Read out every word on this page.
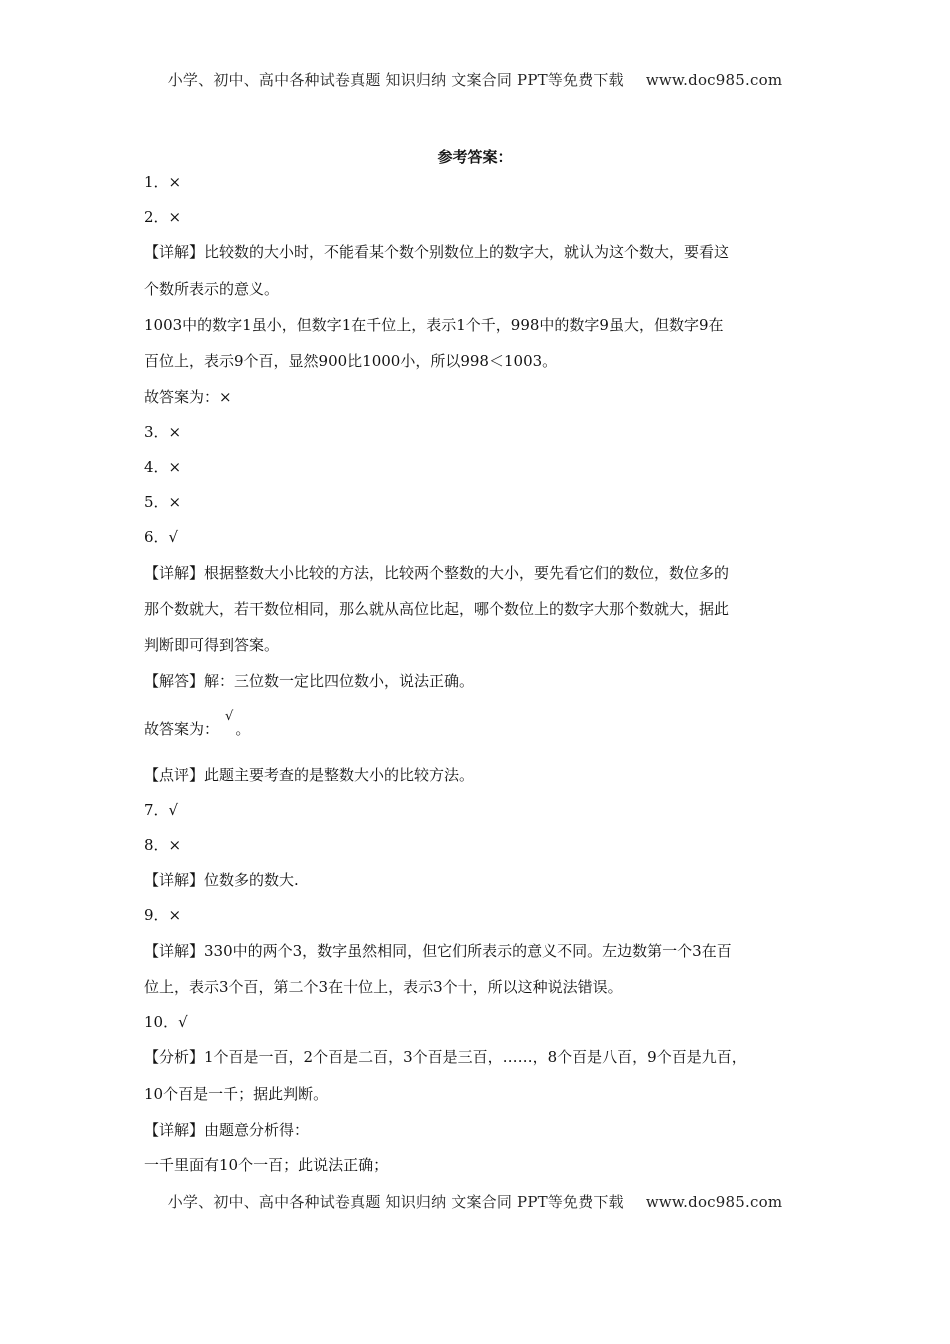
小学、初中、高中各种试卷真题 知识归纳 文案合同 PPT等免费下载 www.doc985.com
参考答案：
1．×
2．×
【详解】比较数的大小时，不能看某个数个别数位上的数字大，就认为这个数大，要看这
个数所表示的意义。
1003中的数字1虽小，但数字1在千位上，表示1个千，998中的数字9虽大，但数字9在
百位上，表示9个百，显然900比1000小，所以998＜1003。
故答案为：×
3．×
4．×
5．×
6．√
【详解】根据整数大小比较的方法，比较两个整数的大小，要先看它们的数位，数位多的
那个数就大，若干数位相同，那么就从高位比起，哪个数位上的数字大那个数就大，据此
判断即可得到答案。
【解答】解：三位数一定比四位数小，说法正确。
故答案为：√。
【点评】此题主要考查的是整数大小的比较方法。
7．√
8．×
【详解】位数多的数大.
9．×
【详解】330中的两个3，数字虽然相同，但它们所表示的意义不同。左边数第一个3在百
位上，表示3个百，第二个3在十位上，表示3个十，所以这种说法错误。
10．√
【分析】1个百是一百，2个百是二百，3个百是三百，……，8个百是八百，9个百是九百，
10个百是一千；据此判断。
【详解】由题意分析得：
一千里面有10个一百；此说法正确；
小学、初中、高中各种试卷真题 知识归纳 文案合同 PPT等免费下载 www.doc985.com
